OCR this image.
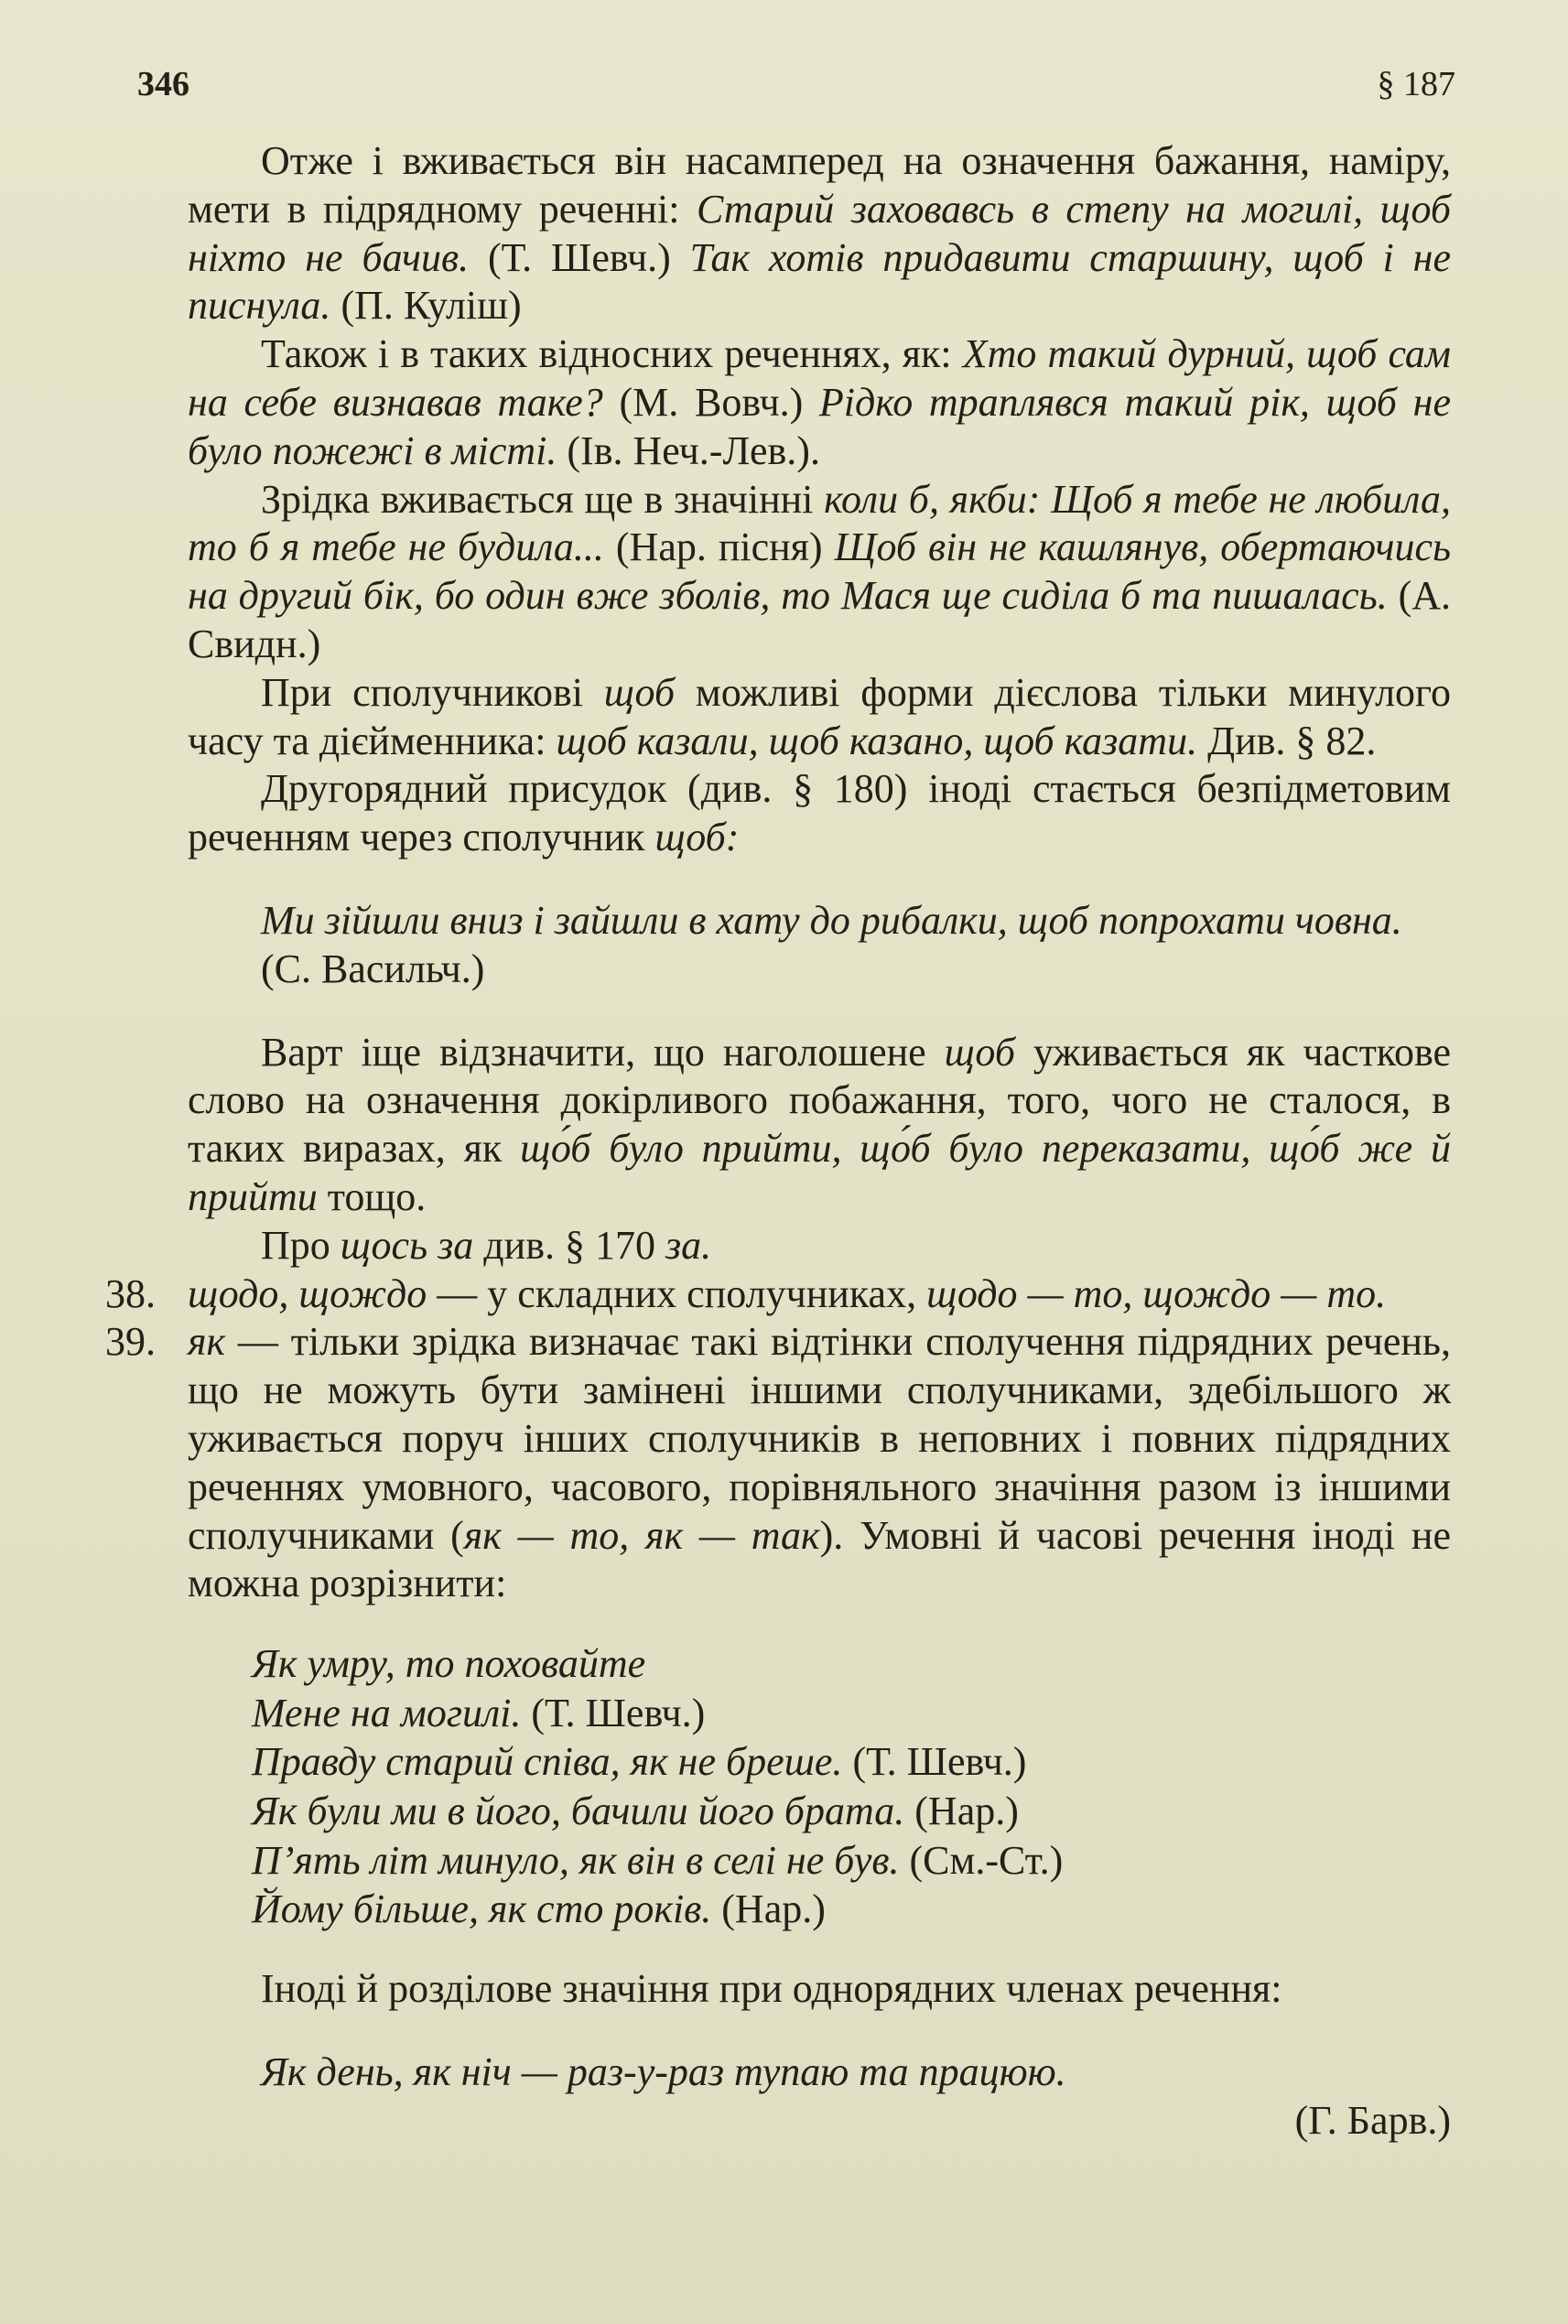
346	§ 187

Отже і вживається він насамперед на означення бажання, наміру, мети в підрядному реченні: Старий заховавсь в степу на могилі, щоб ніхто не бачив. (Т. Шевч.) Так хотів придавити старшину, щоб і не писнула. (П. Куліш)

Також і в таких відносних реченнях, як: Хто такий дурний, щоб сам на себе визнавав таке? (М. Вовч.) Рідко траплявся такий рік, щоб не було пожежі в місті. (Ів. Неч.-Лев.).

Зрідка вживається ще в значінні коли б, якби: Щоб я тебе не любила, то б я тебе не будила... (Нар. пісня) Щоб він не кашлянув, обертаючись на другий бік, бо один вже зболів, то Мася ще сиділа б та пишалась. (А. Свидн.)

При сполучникові щоб можливі форми дієслова тільки минулого часу та дієйменника: щоб казали, щоб казано, щоб казати. Див. § 82.

Другорядний присудок (див. § 180) іноді стається безпідметовим реченням через сполучник щоб:

Ми зійшли вниз і зайшли в хату до рибалки, щоб попрохати човна. (С. Васильч.)

Варт іще відзначити, що наголошене щоб уживається як часткове слово на означення докірливого побажання, того, чого не сталося, в таких виразах, як що́б було прийти, що́б було переказати, що́б же й прийти тощо.

Про щось за див. § 170 за.

38. щодо, щождо — у складних сполучниках, щодо — то, щождо — то.

39. як — тільки зрідка визначає такі відтінки сполучення підрядних речень, що не можуть бути замінені іншими сполучниками, здебільшого ж уживається поруч інших сполучників в неповних і повних підрядних реченнях умовного, часового, порівняльного значіння разом із іншими сполучниками (як — то, як — так). Умовні й часові речення іноді не можна розрізнити:

Як умру, то поховайте
Мене на могилі. (Т. Шевч.)
Правду старий співа, як не бреше. (Т. Шевч.)
Як були ми в його, бачили його брата. (Нар.)
П’ять літ минуло, як він в селі не був. (См.-Ст.)
Йому більше, як сто років. (Нар.)

Іноді й розділове значіння при однорядних членах речення:

Як день, як ніч — раз-у-раз тупаю та працюю.

(Г. Барв.)
